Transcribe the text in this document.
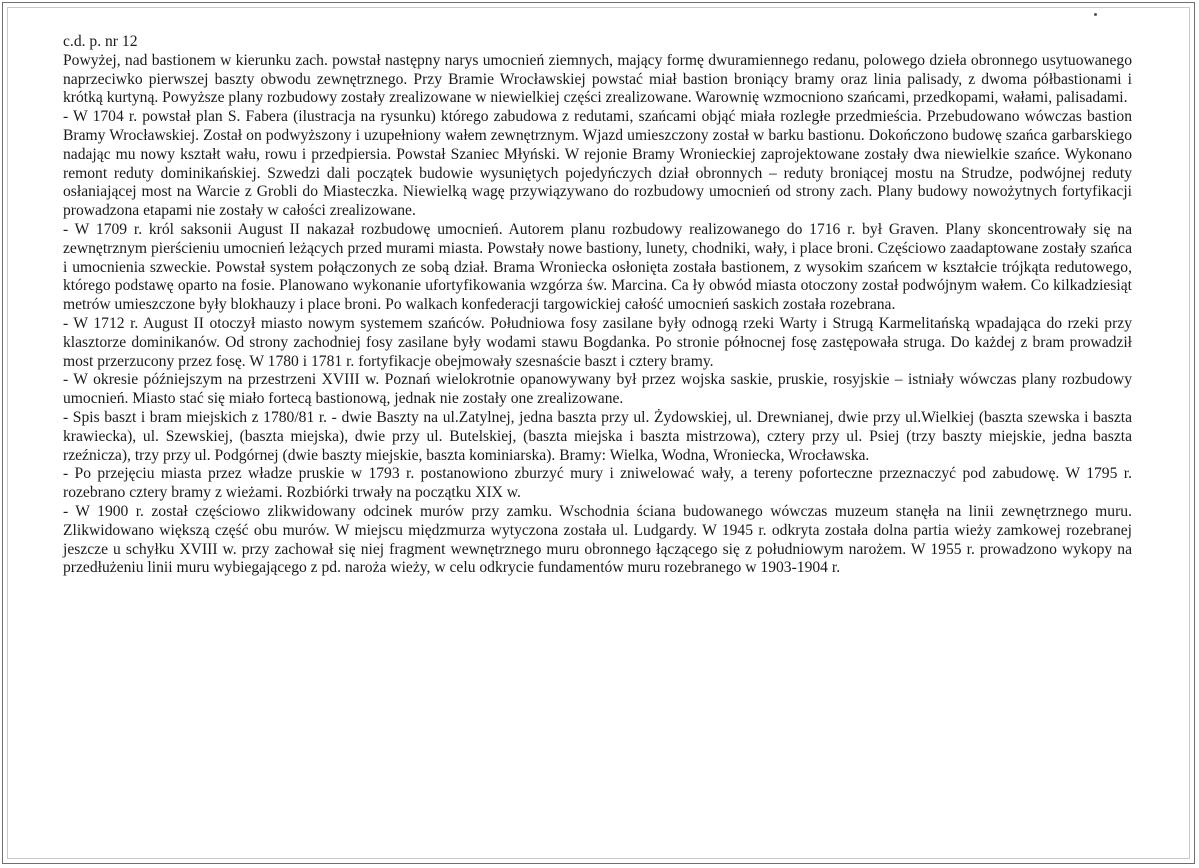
c.d. p. nr 12

Powyżej, nad bastionem w kierunku zach. powstał następny narys umocnień ziemnych, mający formę dwuramiennego redanu, polowego dzieła obronnego usytuowanego naprzeciwko pierwszej baszty obwodu zewnętrznego. Przy Bramie Wrocławskiej powstać miał bastion broniący bramy oraz linia palisady, z dwoma półbastionami i krótką kurtyną. Powyższe plany rozbudowy zostały zrealizowane w niewielkiej części zrealizowane. Warownię wzmocniono szańcami, przedkopami, wałami, palisadami.

- W 1704 r. powstał plan S. Fabera (ilustracja na rysunku) którego zabudowa z redutami, szańcami objąć miała rozległe przedmieścia. Przebudowano wówczas bastion Bramy Wrocławskiej. Został on podwyższony i uzupełniony wałem zewnętrznym. Wjazd umieszczony został w barku bastionu. Dokończono budowę szańca garbarskiego nadając mu nowy kształt wału, rowu i przedpiersia. Powstał Szaniec Młyński. W rejonie Bramy Wronieckiej zaprojektowane zostały dwa niewielkie szańce. Wykonano remont reduty dominikańskiej. Szwedzi dali początek budowie wysuniętych pojedyńczych dział obronnych – reduty broniącej mostu na Strudze, podwójnej reduty osłaniającej most na Warcie z Grobli do Miasteczka. Niewielką wagę przywiązywano do rozbudowy umocnień od strony zach. Plany budowy nowożytnych fortyfikacji prowadzona etapami nie zostały w całości zrealizowane.

- W 1709 r. król saksonii August II nakazał rozbudowę umocnień. Autorem planu rozbudowy realizowanego do 1716 r. był Graven. Plany skoncentrowały się na zewnętrznym pierścieniu umocnień leżących przed murami miasta. Powstały nowe bastiony, lunety, chodniki, wały, i place broni. Częściowo zaadaptowane zostały szańca i umocnienia szweckie. Powstał system połączonych ze sobą dział. Brama Wroniecka osłonięta została bastionem, z wysokim szańcem w kształcie trójkąta redutowego, którego podstawę oparto na fosie. Planowano wykonanie ufortyfikowania wzgórza św. Marcina. Ca ły obwód miasta otoczony został podwójnym wałem. Co kilkadziesiąt metrów umieszczone były blokhauzy i place broni. Po walkach konfederacji targowickiej całość umocnień saskich została rozebrana.

- W 1712 r. August II otoczył miasto nowym systemem szańców. Południowa fosy zasilane były odnogą rzeki Warty i Strugą Karmelitańską wpadająca do rzeki przy klasztorze dominikanów. Od strony zachodniej fosy zasilane były wodami stawu Bogdanka. Po stronie północnej fosę zastępowała struga. Do każdej z bram prowadził most przerzucony przez fosę. W 1780 i 1781 r. fortyfikacje obejmowały szesnaście baszt i cztery bramy.

- W okresie późniejszym na przestrzeni XVIII w. Poznań wielokrotnie opanowywany był przez wojska saskie, pruskie, rosyjskie – istniały wówczas plany rozbudowy umocnień. Miasto stać się miało fortecą bastionową, jednak nie zostały one zrealizowane.

- Spis baszt i bram miejskich z 1780/81 r. - dwie Baszty na ul.Zatylnej, jedna baszta przy ul. Żydowskiej, ul. Drewnianej, dwie przy ul.Wielkiej (baszta szewska i baszta krawiecka), ul. Szewskiej, (baszta miejska), dwie przy ul. Butelskiej, (baszta miejska i baszta mistrzowa), cztery przy ul. Psiej (trzy baszty miejskie, jedna baszta rzeźnicza), trzy przy ul. Podgórnej (dwie baszty miejskie, baszta kominiarska). Bramy: Wielka, Wodna, Wroniecka, Wrocławska.

- Po przejęciu miasta przez władze pruskie w 1793 r. postanowiono zburzyć mury i zniwelować wały, a tereny poforteczne przeznaczyć pod zabudowę. W 1795 r. rozebrano cztery bramy z wieżami. Rozbiórki trwały na początku XIX w.

- W 1900 r. został częściowo zlikwidowany odcinek murów przy zamku. Wschodnia ściana budowanego wówczas muzeum stanęła na linii zewnętrznego muru. Zlikwidowano większą część obu murów. W miejscu międzmurza wytyczona została ul. Ludgardy. W 1945 r. odkryta została dolna partia wieży zamkowej rozebranej jeszcze u schyłku XVIII w. przy zachował się niej fragment wewnętrznego muru obronnego łączącego się z południowym narożem. W 1955 r. prowadzono wykopy na przedłużeniu linii muru wybiegającego z pd. naroża wieży, w celu odkrycie fundamentów muru rozebranego w 1903-1904 r.
